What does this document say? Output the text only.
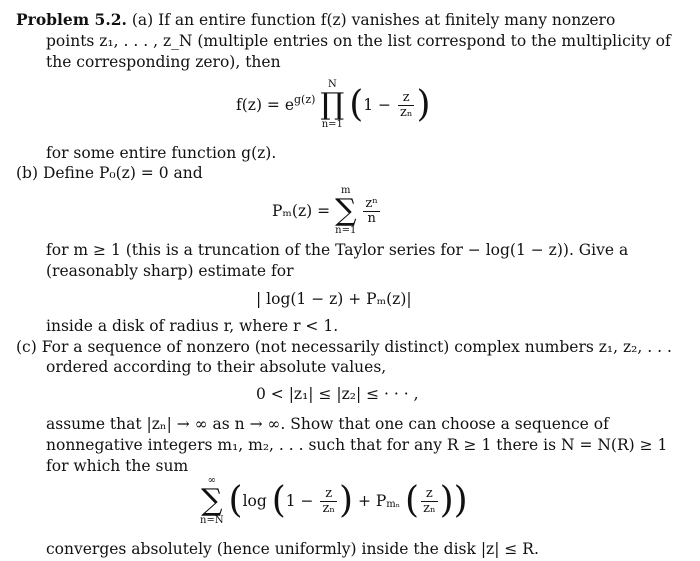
Problem 5.2. (a) If an entire function f(z) vanishes at finitely many nonzero
points z₁, . . . , z_N (multiple entries on the list correspond to the multiplicity of
the corresponding zero), then
$f(z) = e^{g(z)}$
N
∏
n=1 ($1 - \frac{z}{\text{zₙ}}$ )
for some entire function g(z).
(b) Define P₀(z) = 0 and
Pₘ(z) =
m
∑
n=1

$\frac{\text{zⁿ}}{n}$
for m ≥ 1 (this is a truncation of the Taylor series for − log(1 − z)). Give a
(reasonably sharp) estimate for
| log(1 − z) + Pₘ(z)|
inside a disk of radius r, where r < 1.
(c) For a sequence of nonzero (not necessarily distinct) complex numbers z₁, z₂, . . .
ordered according to their absolute values,
0 < |z₁| ≤ |z₂| ≤ · · · ,
assume that |zₙ| → ∞ as n → ∞. Show that one can choose a sequence of
nonnegative integers m₁, m₂, . . . such that for any R ≥ 1 there is N = N(R) ≥ 1
for which the sum
∞
∑
n=N (log ($1 - \frac{z}{\text{zₙ}}$ ) + $P_{m_n}$ ( $\frac{z}{\text{zₙ}}$ ))
converges absolutely (hence uniformly) inside the disk |z| ≤ R.
